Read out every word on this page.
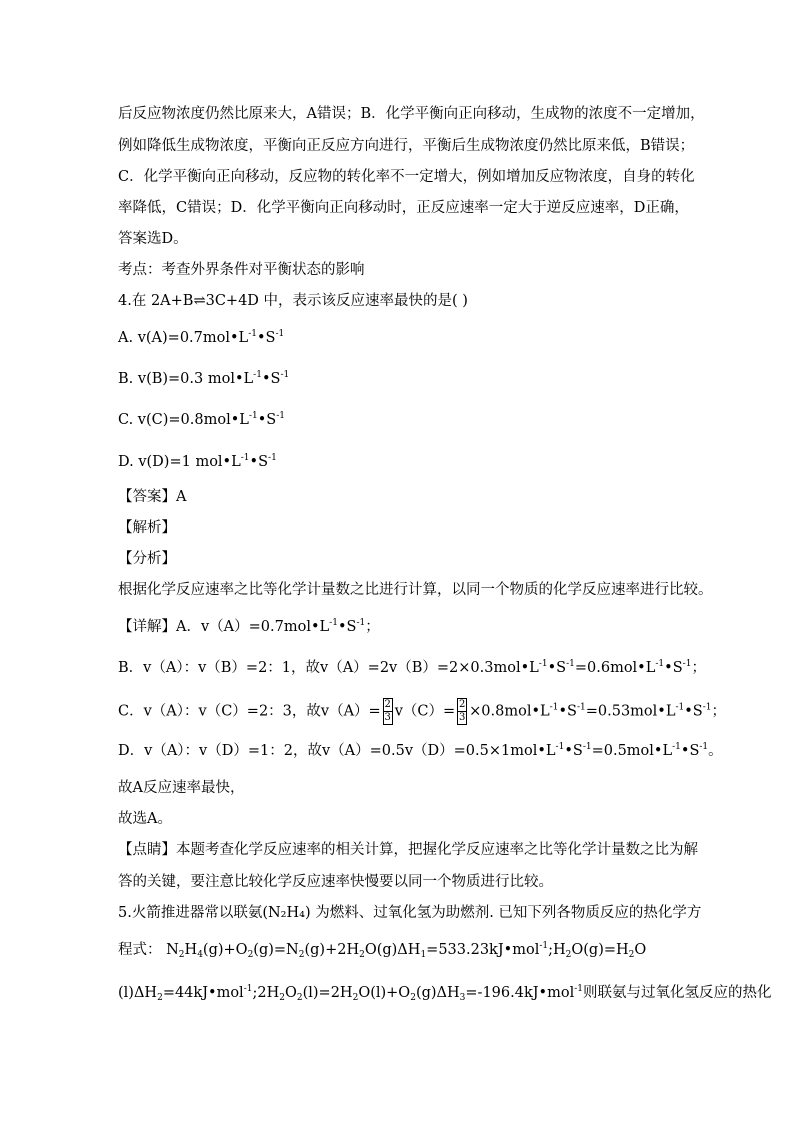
后反应物浓度仍然比原来大，A错误；B．化学平衡向正向移动，生成物的浓度不一定增加，
例如降低生成物浓度，平衡向正反应方向进行，平衡后生成物浓度仍然比原来低，B错误；
C．化学平衡向正向移动，反应物的转化率不一定增大，例如增加反应物浓度，自身的转化
率降低，C错误；D．化学平衡向正向移动时，正反应速率一定大于逆反应速率，D正确，
答案选D。
考点：考查外界条件对平衡状态的影响
4.在 2A+B⇌3C+4D 中，表示该反应速率最快的是( )
A. $v(A)=0.7mol•L^{-1}•S^{-1}$
B. v(B)=0.3 $mol•L^{-1}•S^{-1}$
C. $v(C)=0.8mol•L^{-1}•S^{-1}$
D. v(D)=1 $mol•L^{-1}•S^{-1}$
【答案】A
【解析】
【分析】
根据化学反应速率之比等化学计量数之比进行计算，以同一个物质的化学反应速率进行比较。
【详解】A．$v(A)=0.7mol•L^{-1}•S^{-1}$；
B．v（A）：v（B）=2：1，故$v(A)=2v(B)=2\times 0.3mol•L^{-1}•S^{-1}=0.6mol•L^{-1}•S^{-1}$；
C．v（A）：v（C）=2：3，故$v(A)= \frac{2}{3} v(C)= \frac{2}{3}$ $\times 0.8mol•L^{-1}•S^{-1}=0.53mol•L^{-1}•S^{-1}$；
D．v（A）：v（D）=1：2，故$v(A)=0.5v(D)=0.5\times 1mol•L^{-1}•S^{-1}=0.5mol•L^{-1}•S^{-1}$。
故A反应速率最快，
故选A。
【点睛】本题考查化学反应速率的相关计算，把握化学反应速率之比等化学计量数之比为解
答的关键，要注意比较化学反应速率快慢要以同一个物质进行比较。
5.火箭推进器常以联氨(N₂H₄) 为燃料、过氧化氢为助燃剂. 已知下列各物质反应的热化学方
程式： $N_2H_4(g)+O_2(g)=N_2(g)+2H_2O(g)\Delta H_1=533.23kJ•mol^{-1};H_2O(g)=H_2O$
$(l)\Delta H_2=44kJ•mol^{-1};2H_2O_2(l)=2H_2O(l)+O_2(g)\Delta H_3=-196.4kJ•mol^{-1}$则联氨与过氧化氢反应的热化
